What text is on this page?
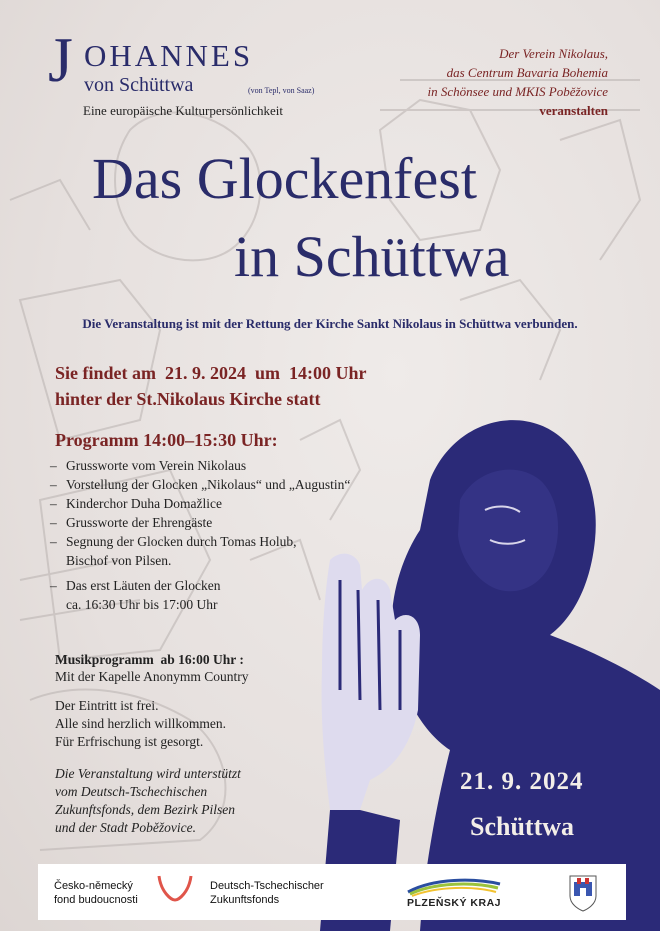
J OHANNES
von Schüttwa	(von Tepl, von Saaz)
Eine europäische Kulturpersönlichkeit
Der Verein Nikolaus,
das Centrum Bavaria Bohemia
in Schönsee und MKIS Poběžovice
veranstalten
Das Glockenfest
in Schüttwa
Die Veranstaltung ist mit der Rettung der Kirche Sankt Nikolaus in Schüttwa verbunden.
Sie findet am  21. 9. 2024  um  14:00 Uhr
hinter der St.Nikolaus Kirche statt
Programm 14:00–15:30 Uhr:
– Grussworte vom Verein Nikolaus
– Vorstellung der Glocken „Nikolaus“ und „Augustin“
– Kinderchor Duha Domažlice
– Grussworte der Ehrengäste
– Segnung der Glocken durch Tomas Holub,
Bischof von Pilsen.
– Das erst Läuten der Glocken
ca. 16:30 Uhr bis 17:00 Uhr
Musikprogramm  ab 16:00 Uhr :
Mit der Kapelle Anonymm Country
Der Eintritt ist frei.
Alle sind herzlich willkommen.
Für Erfrischung ist gesorgt.
Die Veranstaltung wird unterstützt
vom Deutsch-Tschechischen
Zukunftsfonds, dem Bezirk Pilsen
und der Stadt Poběžovice.
21. 9. 2024
Schüttwa
Česko-německý
fond budoucnosti
Deutsch-Tschechischer
Zukunftsfonds	PLZEŇSKÝ KRAJ
